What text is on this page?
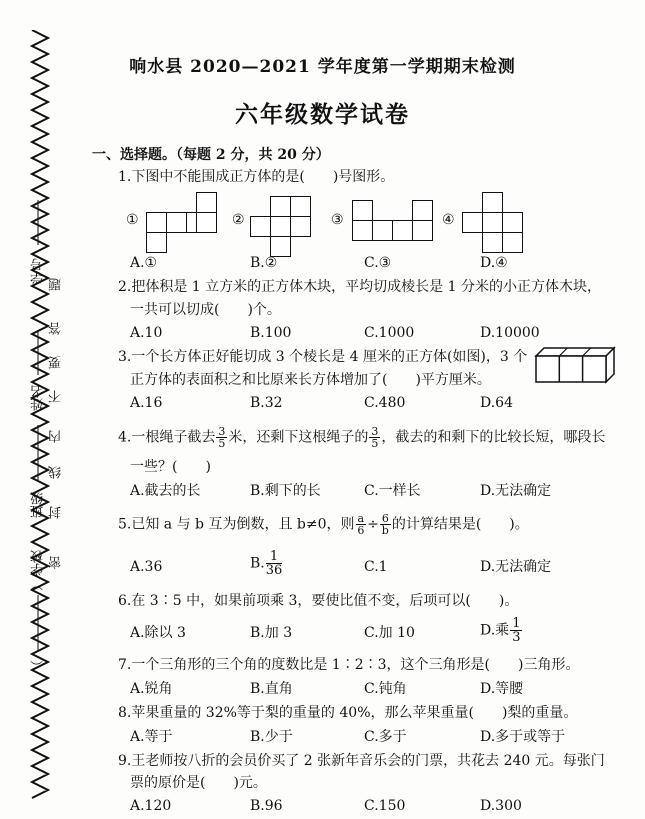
学号
姓名
班级
学校
）
（
题
答
要
不
内
线
封
密
响水县 2020—2021 学年度第一学期期末检测
六年级数学试卷
一、选择题。（每题 2 分，共 20 分）
1.下图中不能围成正方体的是(　　)号图形。
①	②	③	④
A.①	B.②	C.③	D.④
2.把体积是 1 立方米的正方体木块，平均切成棱长是 1 分米的小正方体木块，
一共可以切成(　　)个。
A.10	B.100	C.1000	D.10000
3.一个长方体正好能切成 3 个棱长是 4 厘米的正方体(如图)，3 个
正方体的表面积之和比原来长方体增加了(　　)平方厘米。
A.16	B.32	C.480	D.64
4.一根绳子截去 $\frac{3}{5}$ 米，还剩下这根绳子的 $\frac{3}{5}$ ，截去的和剩下的比较长短，哪段长
一些？(　　)
A.截去的长	B.剩下的长	C.一样长	D.无法确定
5.已知 a 与 b 互为倒数，且 b≠0，则 $\frac{a}{6} \div \frac{6}{b}$ 的计算结果是(　　)。
A.36	B. $\frac{1}{36}$	C.1	D.无法确定
6.在 3∶5 中，如果前项乘 3，要使比值不变，后项可以(　　)。
A.除以 3	B.加 3	C.加 10	D.乘 $\frac{1}{3}$
7.一个三角形的三个角的度数比是 1∶2∶3，这个三角形是(　　)三角形。
A.锐角	B.直角	C.钝角	D.等腰
8.苹果重量的 32%等于梨的重量的 40%，那么苹果重量(　　)梨的重量。
A.等于	B.少于	C.多于	D.多于或等于
9.王老师按八折的会员价买了 2 张新年音乐会的门票，共花去 240 元。每张门
票的原价是(　　)元。
A.120	B.96	C.150	D.300
